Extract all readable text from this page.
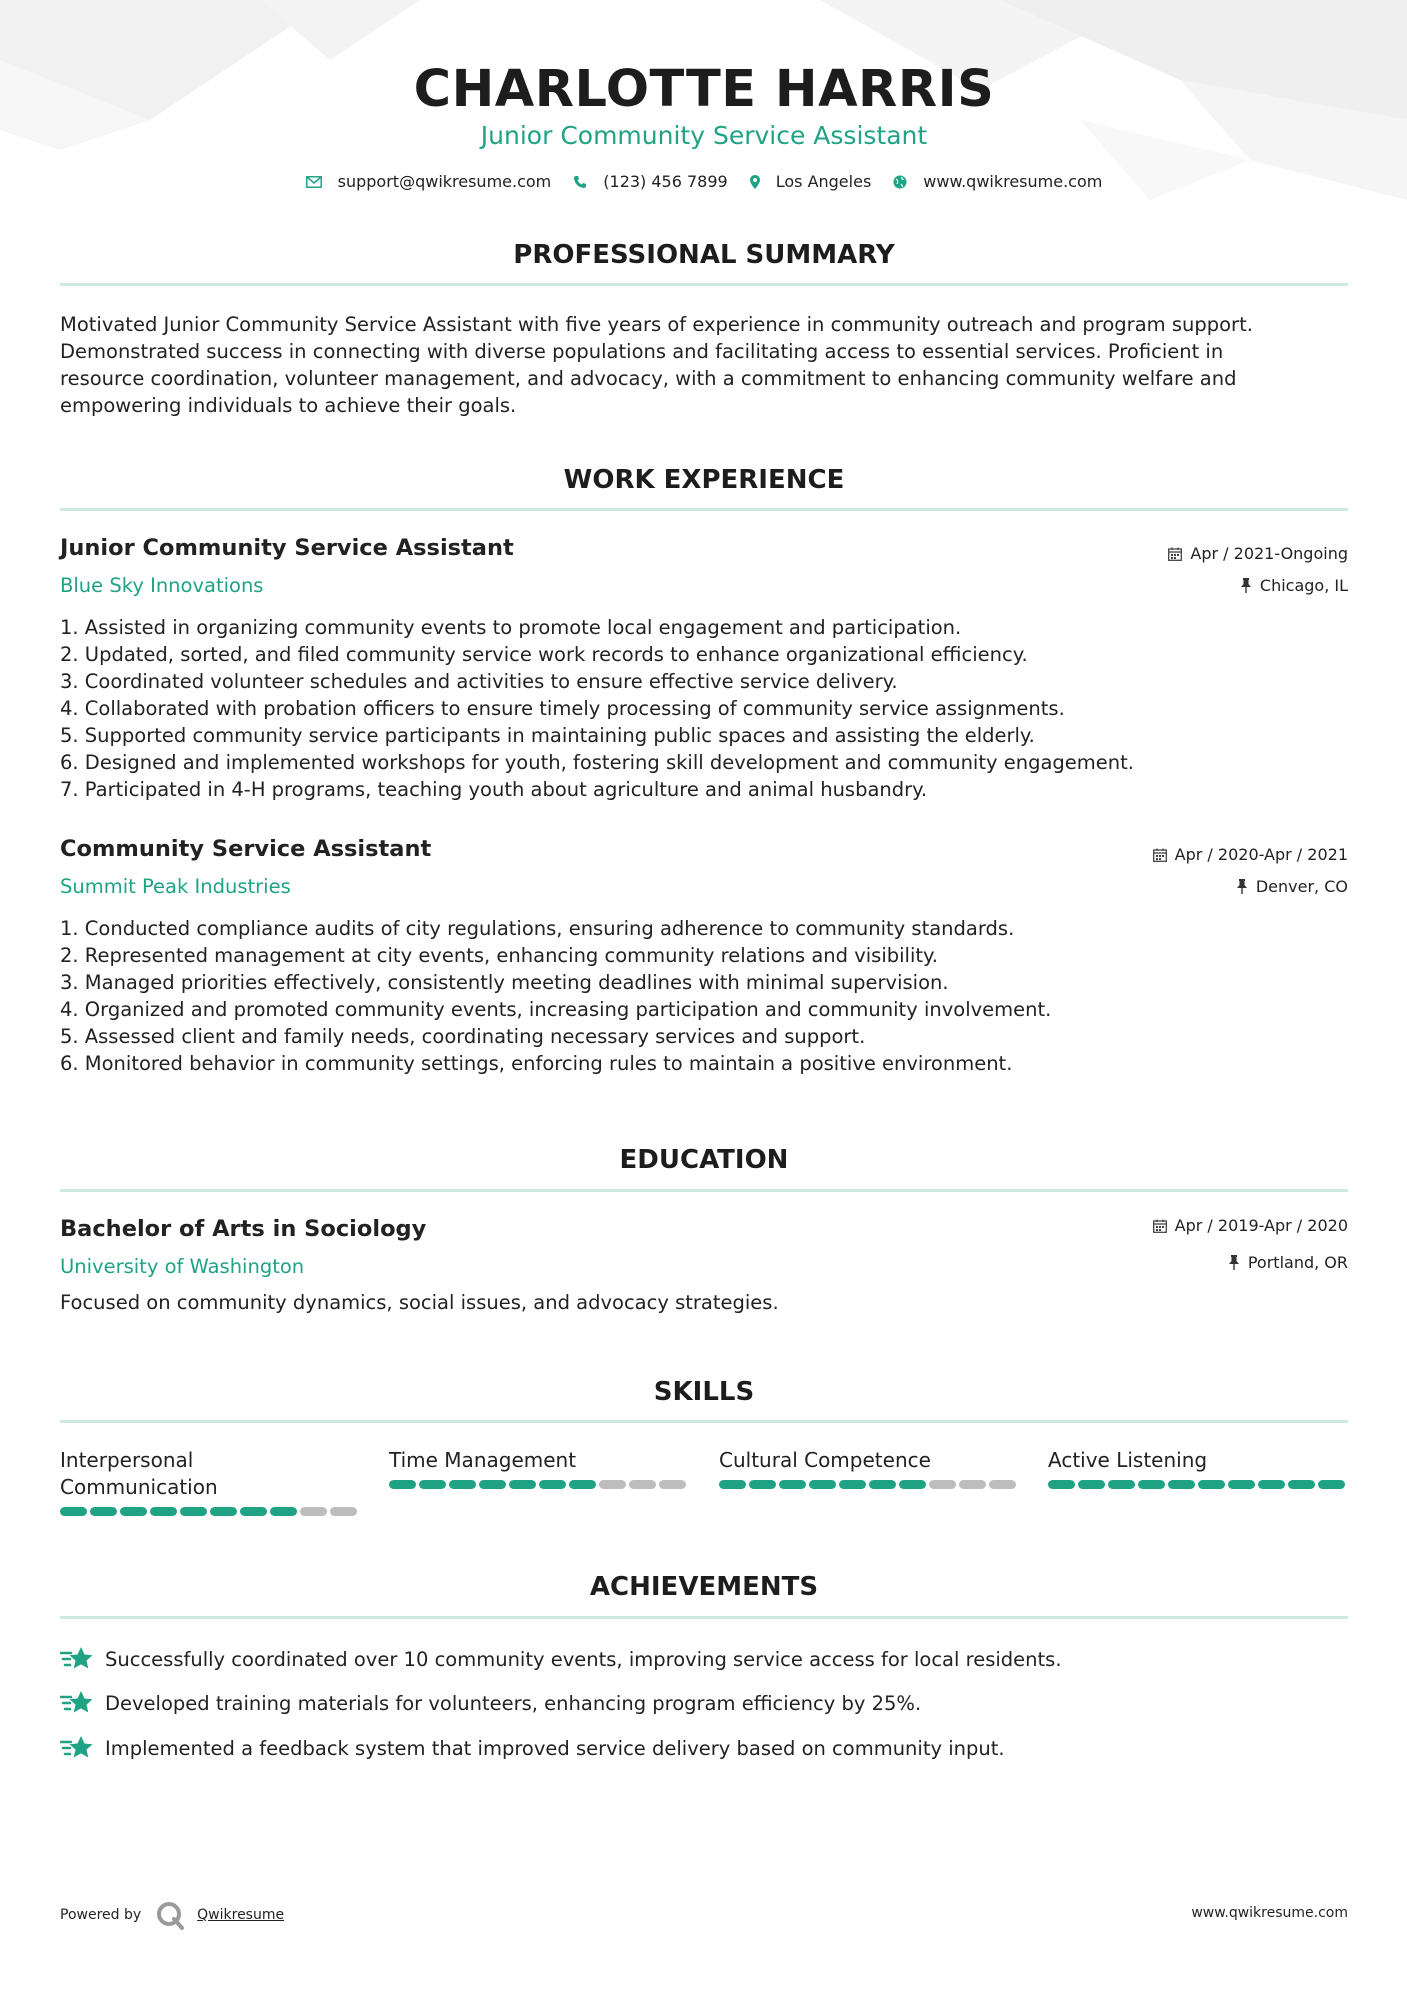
CHARLOTTE HARRIS
Junior Community Service Assistant
support@qwikresume.com	(123) 456 7899	Los Angeles	www.qwikresume.com
PROFESSIONAL SUMMARY
Motivated Junior Community Service Assistant with five years of experience in community outreach and program support.
Demonstrated success in connecting with diverse populations and facilitating access to essential services. Proficient in
resource coordination, volunteer management, and advocacy, with a commitment to enhancing community welfare and
empowering individuals to achieve their goals.
WORK EXPERIENCE
Junior Community Service Assistant
Blue Sky Innovations
Apr / 2021-Ongoing
Chicago, IL
1. Assisted in organizing community events to promote local engagement and participation.
2. Updated, sorted, and filed community service work records to enhance organizational efficiency.
3. Coordinated volunteer schedules and activities to ensure effective service delivery.
4. Collaborated with probation officers to ensure timely processing of community service assignments.
5. Supported community service participants in maintaining public spaces and assisting the elderly.
6. Designed and implemented workshops for youth, fostering skill development and community engagement.
7. Participated in 4-H programs, teaching youth about agriculture and animal husbandry.
Community Service Assistant
Summit Peak Industries
Apr / 2020-Apr / 2021
Denver, CO
1. Conducted compliance audits of city regulations, ensuring adherence to community standards.
2. Represented management at city events, enhancing community relations and visibility.
3. Managed priorities effectively, consistently meeting deadlines with minimal supervision.
4. Organized and promoted community events, increasing participation and community involvement.
5. Assessed client and family needs, coordinating necessary services and support.
6. Monitored behavior in community settings, enforcing rules to maintain a positive environment.
EDUCATION
Bachelor of Arts in Sociology
University of Washington
Apr / 2019-Apr / 2020
Portland, OR
Focused on community dynamics, social issues, and advocacy strategies.
SKILLS
Interpersonal
Communication
Time Management	Cultural Competence	Active Listening
ACHIEVEMENTS
Successfully coordinated over 10 community events, improving service access for local residents.
Developed training materials for volunteers, enhancing program efficiency by 25%.
Implemented a feedback system that improved service delivery based on community input.
Powered by	Qwikresume	www.qwikresume.com
